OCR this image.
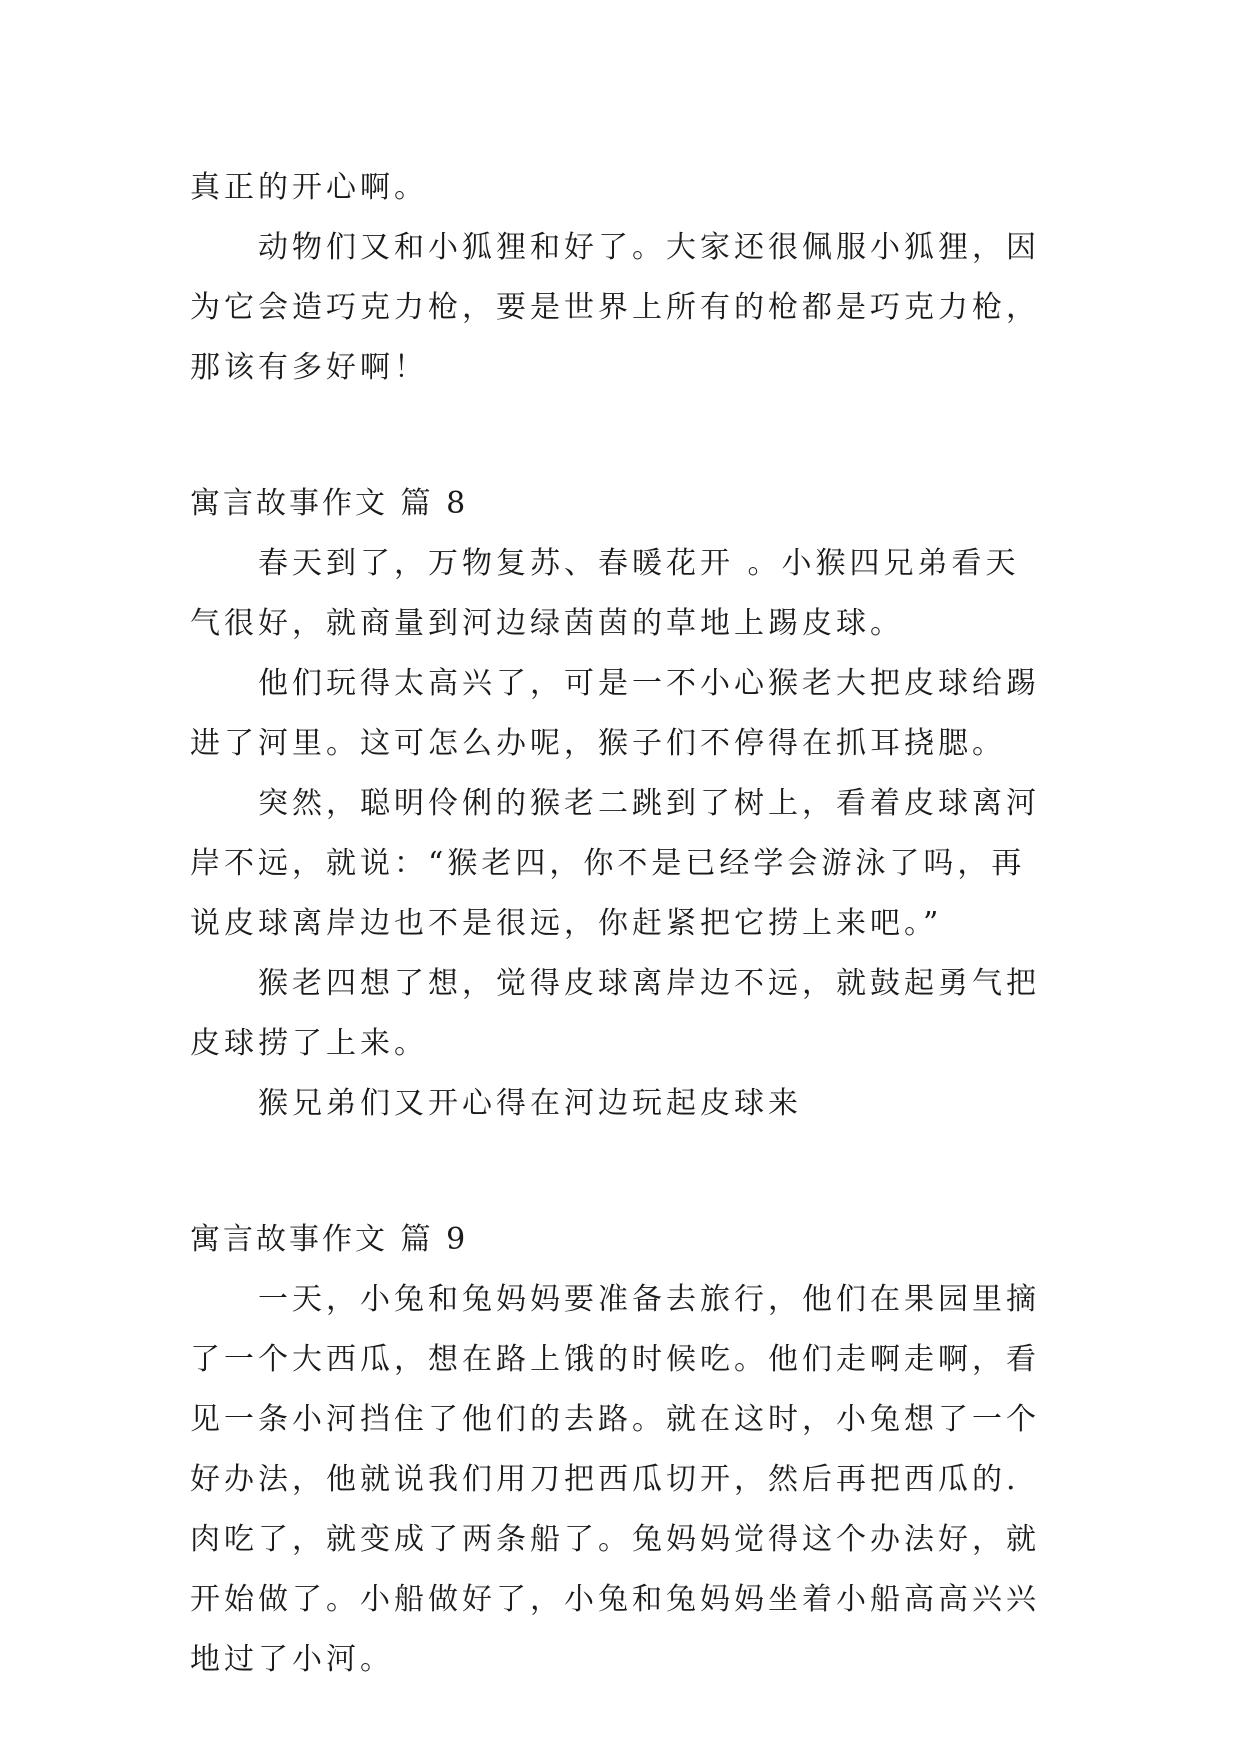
真正的开心啊。

动物们又和小狐狸和好了。大家还很佩服小狐狸，因为它会造巧克力枪，要是世界上所有的枪都是巧克力枪，那该有多好啊！

寓言故事作文 篇 8

春天到了，万物复苏、春暖花开 。小猴四兄弟看天气很好，就商量到河边绿茵茵的草地上踢皮球。

他们玩得太高兴了，可是一不小心猴老大把皮球给踢进了河里。这可怎么办呢，猴子们不停得在抓耳挠腮。

突然，聪明伶俐的猴老二跳到了树上，看着皮球离河岸不远，就说：“猴老四，你不是已经学会游泳了吗，再说皮球离岸边也不是很远，你赶紧把它捞上来吧。”

猴老四想了想，觉得皮球离岸边不远，就鼓起勇气把皮球捞了上来。

猴兄弟们又开心得在河边玩起皮球来

寓言故事作文 篇 9

一天，小兔和兔妈妈要准备去旅行，他们在果园里摘了一个大西瓜，想在路上饿的时候吃。他们走啊走啊，看见一条小河挡住了他们的去路。就在这时，小兔想了一个好办法，他就说我们用刀把西瓜切开，然后再把西瓜的. 肉吃了，就变成了两条船了。兔妈妈觉得这个办法好，就开始做了。小船做好了，小兔和兔妈妈坐着小船高高兴兴地过了小河。
